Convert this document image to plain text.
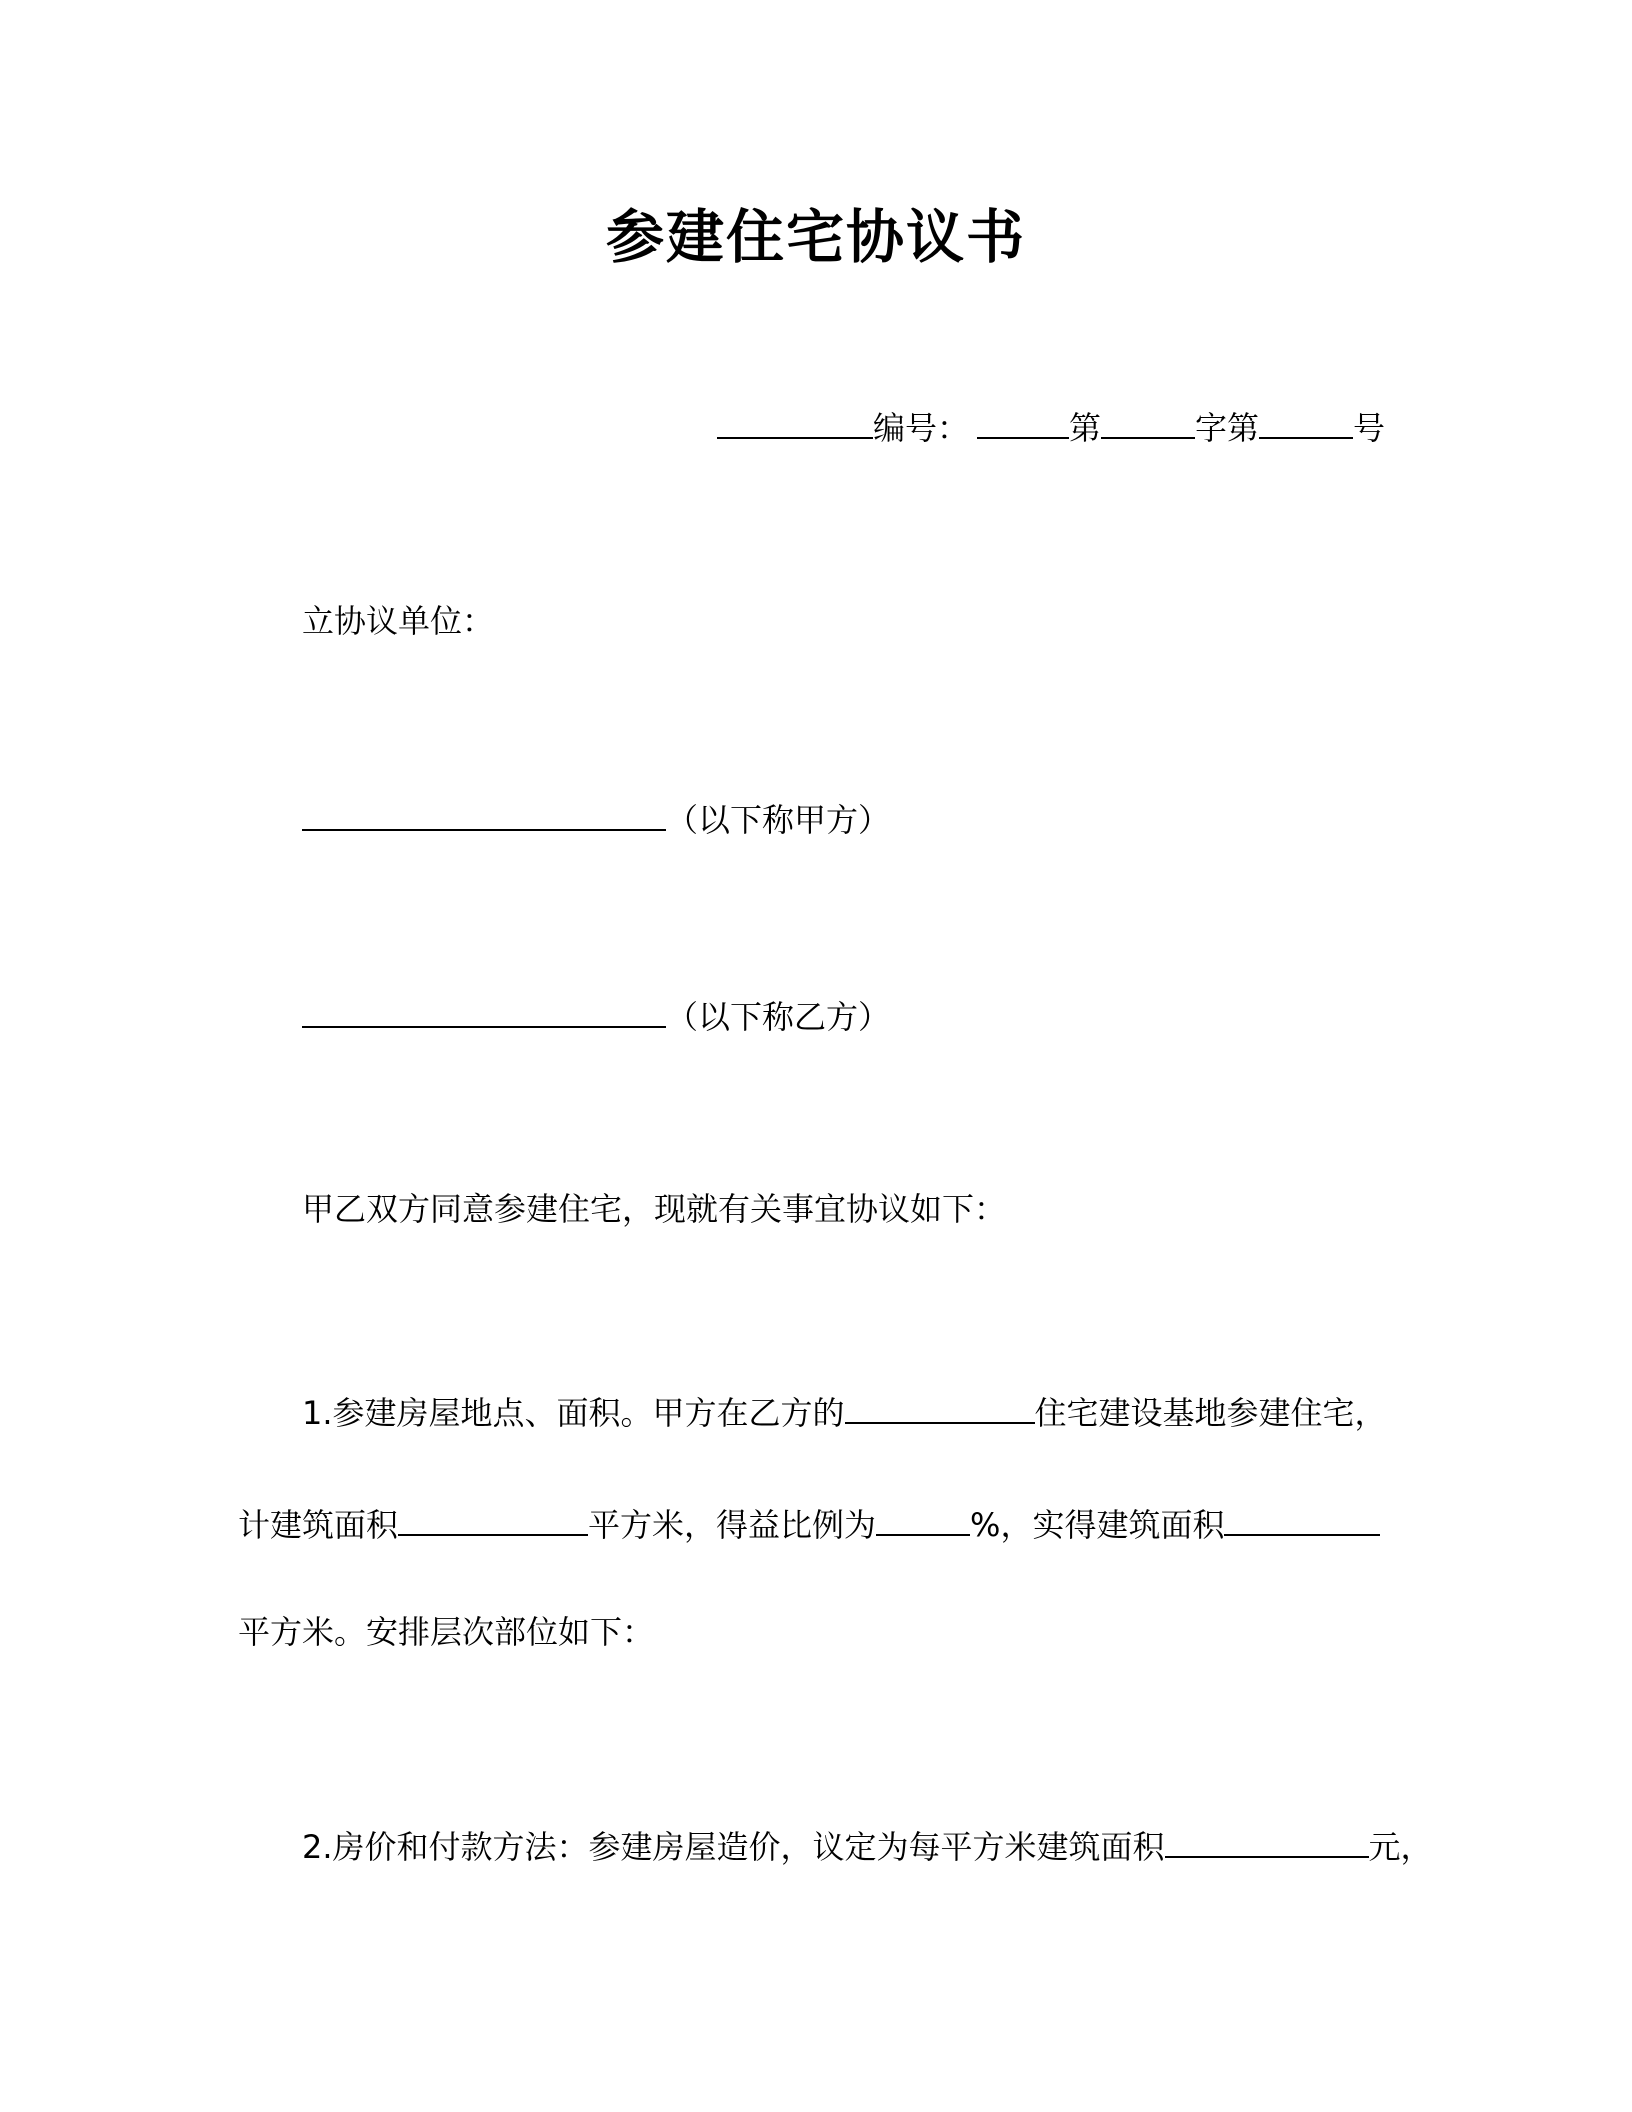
参建住宅协议书
编号：	第	字第	号
立协议单位：
（以下称甲方）
（以下称乙方）
甲乙双方同意参建住宅，现就有关事宜协议如下：
1.参建房屋地点、面积。甲方在乙方的	住宅建设基地参建住宅，
计建筑面积	平方米，得益比例为	%，实得建筑面积
平方米。安排层次部位如下：
2.房价和付款方法：参建房屋造价，议定为每平方米建筑面积	元，
